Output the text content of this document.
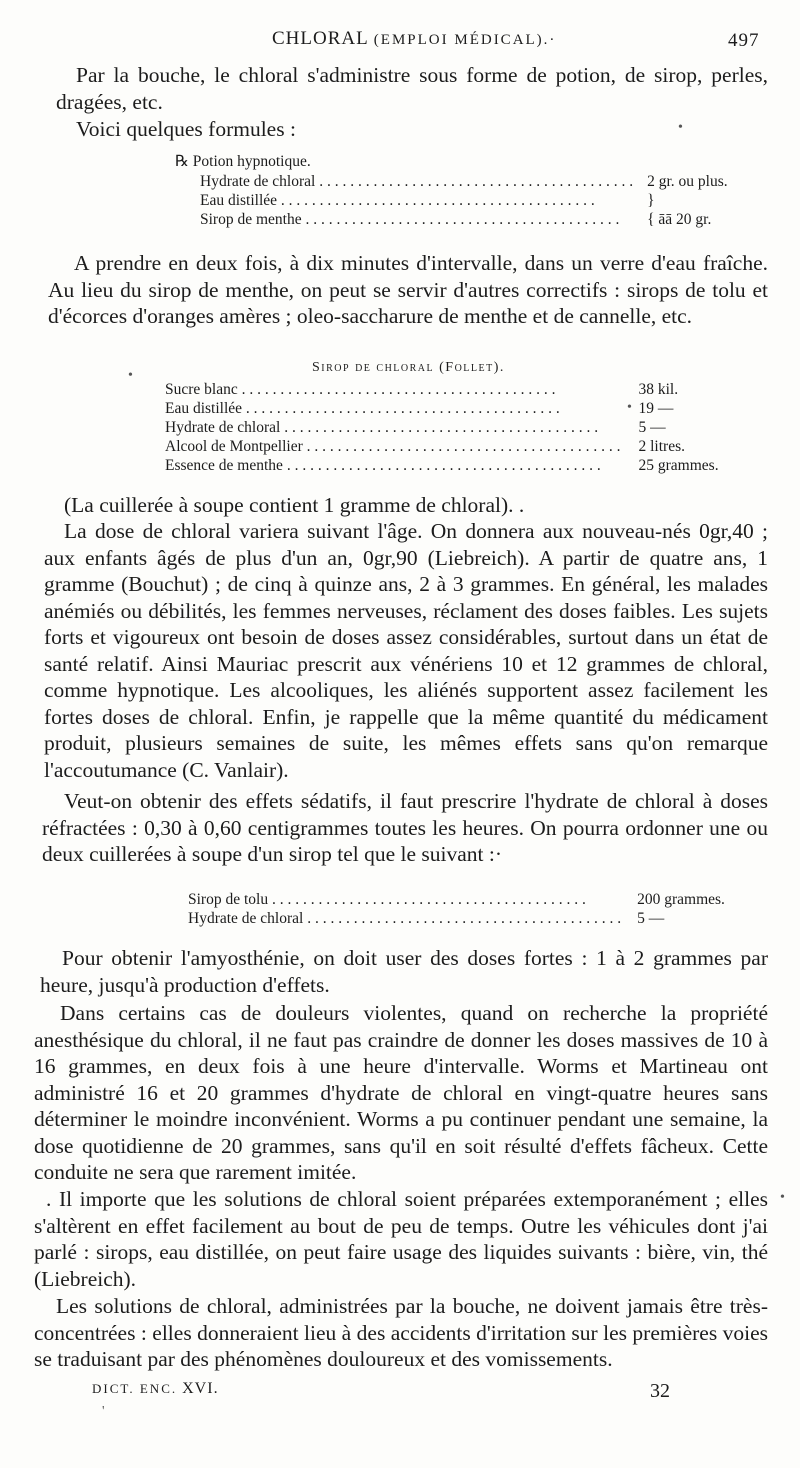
CHLORAL (EMPLOI MÉDICAL).·	497

Par la bouche, le chloral s'administre sous forme de potion, de sirop, perles, dragées, etc.

Voici quelques formules :

℞ Potion hypnotique.
Hydrate de chloral . . .	2 gr. ou plus.

Eau distillée . . .	}

Sirop de menthe . . .	{ āā 20 gr.

A prendre en deux fois, à dix minutes d'intervalle, dans un verre d'eau fraîche. Au lieu du sirop de menthe, on peut se servir d'autres correctifs : sirops de tolu et d'écorces d'oranges amères ; oleo-saccharure de menthe et de cannelle, etc.

Sirop de chloral (Follet).
Sucre blanc . . .	38 kil.

Eau distillée . . .	19 —

Hydrate de chloral . . .	5 —

Alcool de Montpellier . . .	2 litres.

Essence de menthe . . .	25 grammes.

(La cuillerée à soupe contient 1 gramme de chloral). .

La dose de chloral variera suivant l'âge. On donnera aux nouveau-nés 0gr,40 ; aux enfants âgés de plus d'un an, 0gr,90 (Liebreich). A partir de quatre ans, 1 gramme (Bouchut) ; de cinq à quinze ans, 2 à 3 grammes. En général, les malades anémiés ou débilités, les femmes nerveuses, réclament des doses faibles. Les sujets forts et vigoureux ont besoin de doses assez considérables, surtout dans un état de santé relatif. Ainsi Mauriac prescrit aux vénériens 10 et 12 grammes de chloral, comme hypnotique. Les alcooliques, les aliénés supportent assez facilement les fortes doses de chloral. Enfin, je rappelle que la même quantité du médicament produit, plusieurs semaines de suite, les mêmes effets sans qu'on remarque l'accoutumance (C. Vanlair).

Veut-on obtenir des effets sédatifs, il faut prescrire l'hydrate de chloral à doses réfractées : 0,30 à 0,60 centigrammes toutes les heures. On pourra ordonner une ou deux cuillerées à soupe d'un sirop tel que le suivant :·

Sirop de tolu . . .	200 grammes.

Hydrate de chloral . . .	5 —

Pour obtenir l'amyosthénie, on doit user des doses fortes : 1 à 2 grammes par heure, jusqu'à production d'effets.

Dans certains cas de douleurs violentes, quand on recherche la propriété anesthésique du chloral, il ne faut pas craindre de donner les doses massives de 10 à 16 grammes, en deux fois à une heure d'intervalle. Worms et Martineau ont administré 16 et 20 grammes d'hydrate de chloral en vingt-quatre heures sans déterminer le moindre inconvénient. Worms a pu continuer pendant une semaine, la dose quotidienne de 20 grammes, sans qu'il en soit résulté d'effets fâcheux. Cette conduite ne sera que rarement imitée.

. Il importe que les solutions de chloral soient préparées extemporanément ; elles s'altèrent en effet facilement au bout de peu de temps. Outre les véhicules dont j'ai parlé : sirops, eau distillée, on peut faire usage des liquides suivants : bière, vin, thé (Liebreich).

Les solutions de chloral, administrées par la bouche, ne doivent jamais être très-concentrées : elles donneraient lieu à des accidents d'irritation sur les premières voies se traduisant par des phénomènes douloureux et des vomissements.

DICT. ENC. XVI.	32
•
•
•
•
'
